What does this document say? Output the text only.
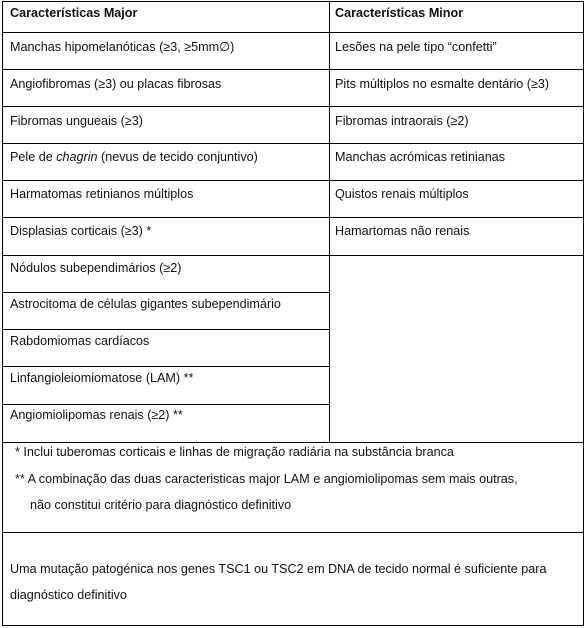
Características Major	Características Minor
Manchas hipomelanóticas (≥3, ≥5mm∅)
Angiofibromas (≥3) ou placas fibrosas
Fibromas ungueais (≥3)
Pele de chagrin (nevus de tecido conjuntivo)
Harmatomas retinianos múltiplos
Displasias corticais (≥3) *
Nódulos subependimários (≥2)
Astrocitoma de células gigantes subependimário
Rabdomiomas cardíacos
Linfangioleiomiomatose (LAM) **
Angiomiolipomas renais (≥2) **
Lesões na pele tipo “confetti”
Pits múltiplos no esmalte dentário (≥3)
Fibromas intraorais (≥2)
Manchas acrómicas retinianas
Quistos renais múltiplos
Hamartomas não renais
* Inclui tuberomas corticais e linhas de migração radiária na substância branca
** A combinação das duas caracteristicas major LAM e angiomiolipomas sem mais outras,
não constitui critério para diagnóstico definitivo
Uma mutação patogénica nos genes TSC1 ou TSC2 em DNA de tecido normal é suficiente para
diagnóstico definitivo
